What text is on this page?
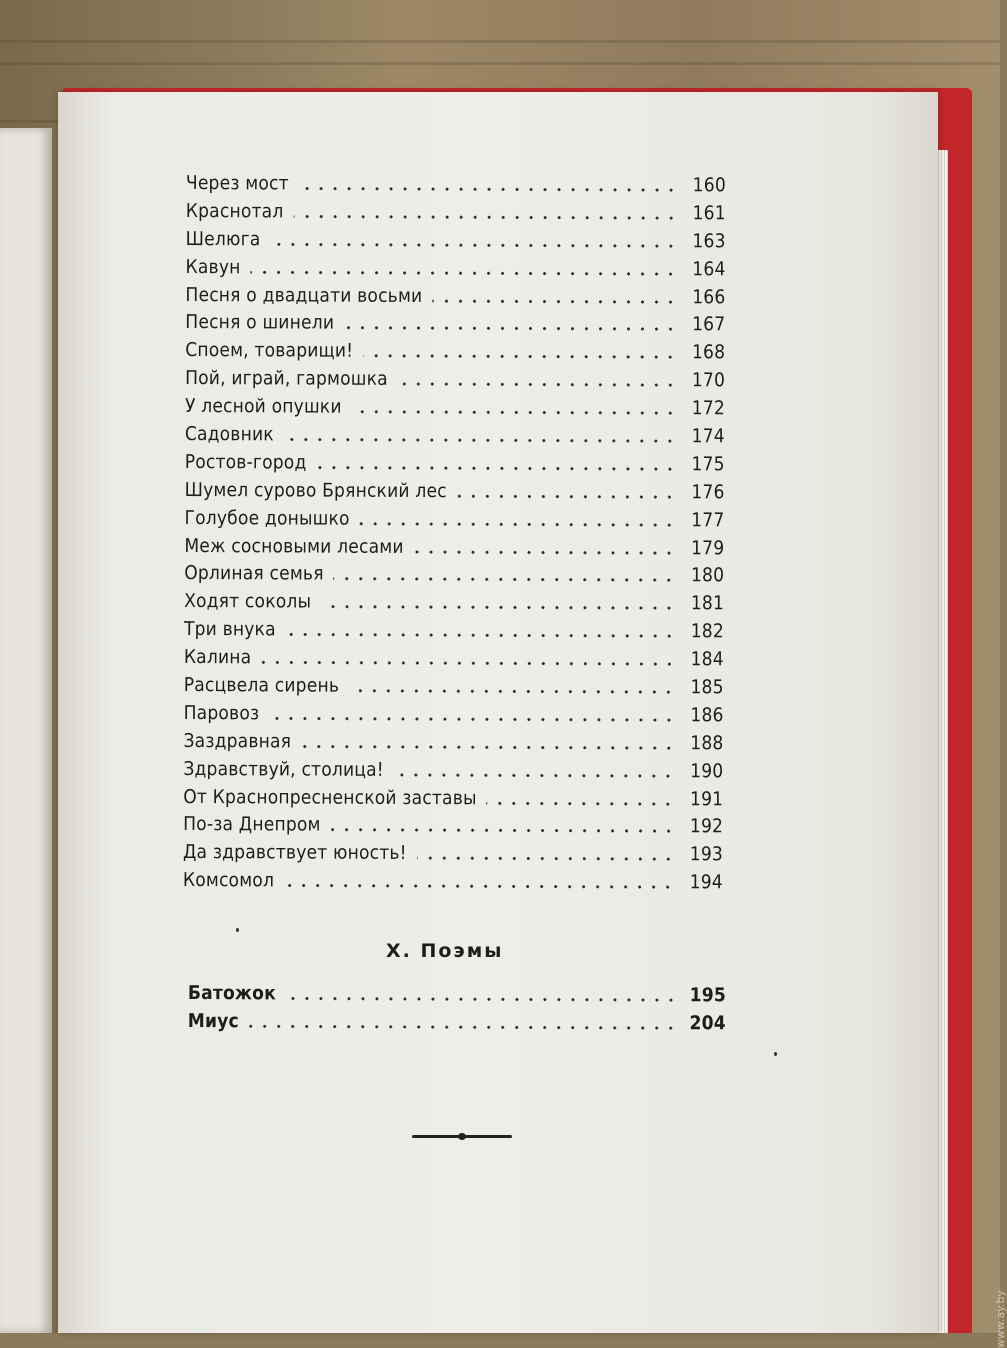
Через мост	160
Краснотал	161
Шелюга	163
Кавун	164
Песня о двадцати восьми	166
Песня о шинели	167
Споем, товарищи!	168
Пой, играй, гармошка	170
У лесной опушки	172
Садовник	174
Ростов-город	175
Шумел сурово Брянский лес	176
Голубое донышко	177
Меж сосновыми лесами	179
Орлиная семья	180
Ходят соколы	181
Три внука	182
Калина	184
Расцвела сирень	185
Паровоз	186
Заздравная	188
Здравствуй, столица!	190
От Краснопресненской заставы	191
По-за Днепром	192
Да здравствует юность!	193
Комсомол	194
X. Поэмы
Батожок	195
Миус	204
www.ay.by
